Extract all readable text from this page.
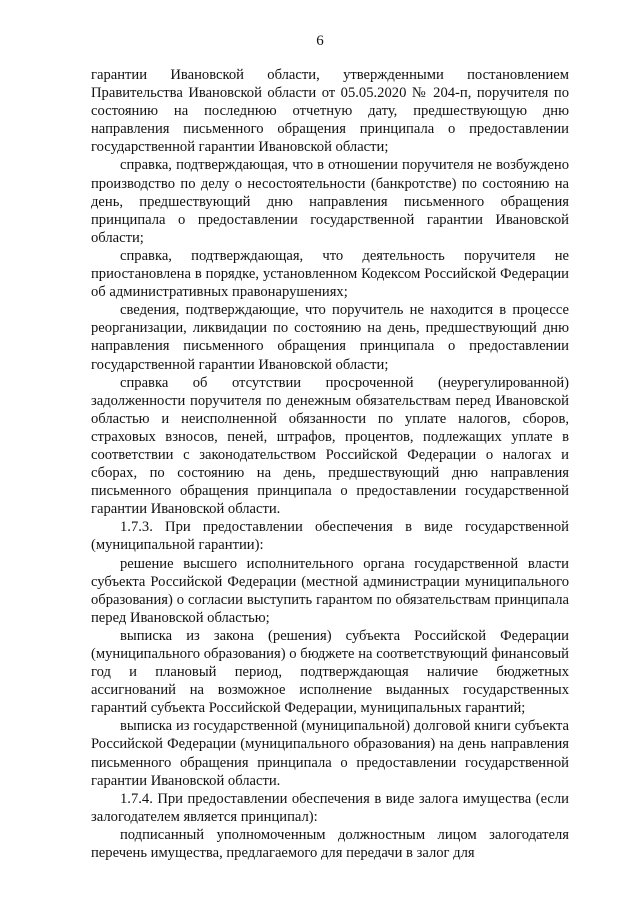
6

гарантии Ивановской области, утвержденными постановлением Правительства Ивановской области от 05.05.2020 № 204-п, поручителя по состоянию на последнюю отчетную дату, предшествующую дню направления письменного обращения принципала о предоставлении государственной гарантии Ивановской области;

справка, подтверждающая, что в отношении поручителя не возбуждено производство по делу о несостоятельности (банкротстве) по состоянию на день, предшествующий дню направления письменного обращения принципала о предоставлении государственной гарантии Ивановской области;

справка, подтверждающая, что деятельность поручителя не приостановлена в порядке, установленном Кодексом Российской Федерации об административных правонарушениях;

сведения, подтверждающие, что поручитель не находится в процессе реорганизации, ликвидации по состоянию на день, предшествующий дню направления письменного обращения принципала о предоставлении государственной гарантии Ивановской области;

справка об отсутствии просроченной (неурегулированной) задолженности поручителя по денежным обязательствам перед Ивановской областью и неисполненной обязанности по уплате налогов, сборов, страховых взносов, пеней, штрафов, процентов, подлежащих уплате в соответствии с законодательством Российской Федерации о налогах и сборах, по состоянию на день, предшествующий дню направления письменного обращения принципала о предоставлении государственной гарантии Ивановской области.

1.7.3. При предоставлении обеспечения в виде государственной (муниципальной гарантии):

решение высшего исполнительного органа государственной власти субъекта Российской Федерации (местной администрации муниципального образования) о согласии выступить гарантом по обязательствам принципала перед Ивановской областью;

выписка из закона (решения) субъекта Российской Федерации (муниципального образования) о бюджете на соответствующий финансовый год и плановый период, подтверждающая наличие бюджетных ассигнований на возможное исполнение выданных государственных гарантий субъекта Российской Федерации, муниципальных гарантий;

выписка из государственной (муниципальной) долговой книги субъекта Российской Федерации (муниципального образования) на день направления письменного обращения принципала о предоставлении государственной гарантии Ивановской области.

1.7.4. При предоставлении обеспечения в виде залога имущества (если залогодателем является принципал):

подписанный уполномоченным должностным лицом залогодателя перечень имущества, предлагаемого для передачи в залог для
